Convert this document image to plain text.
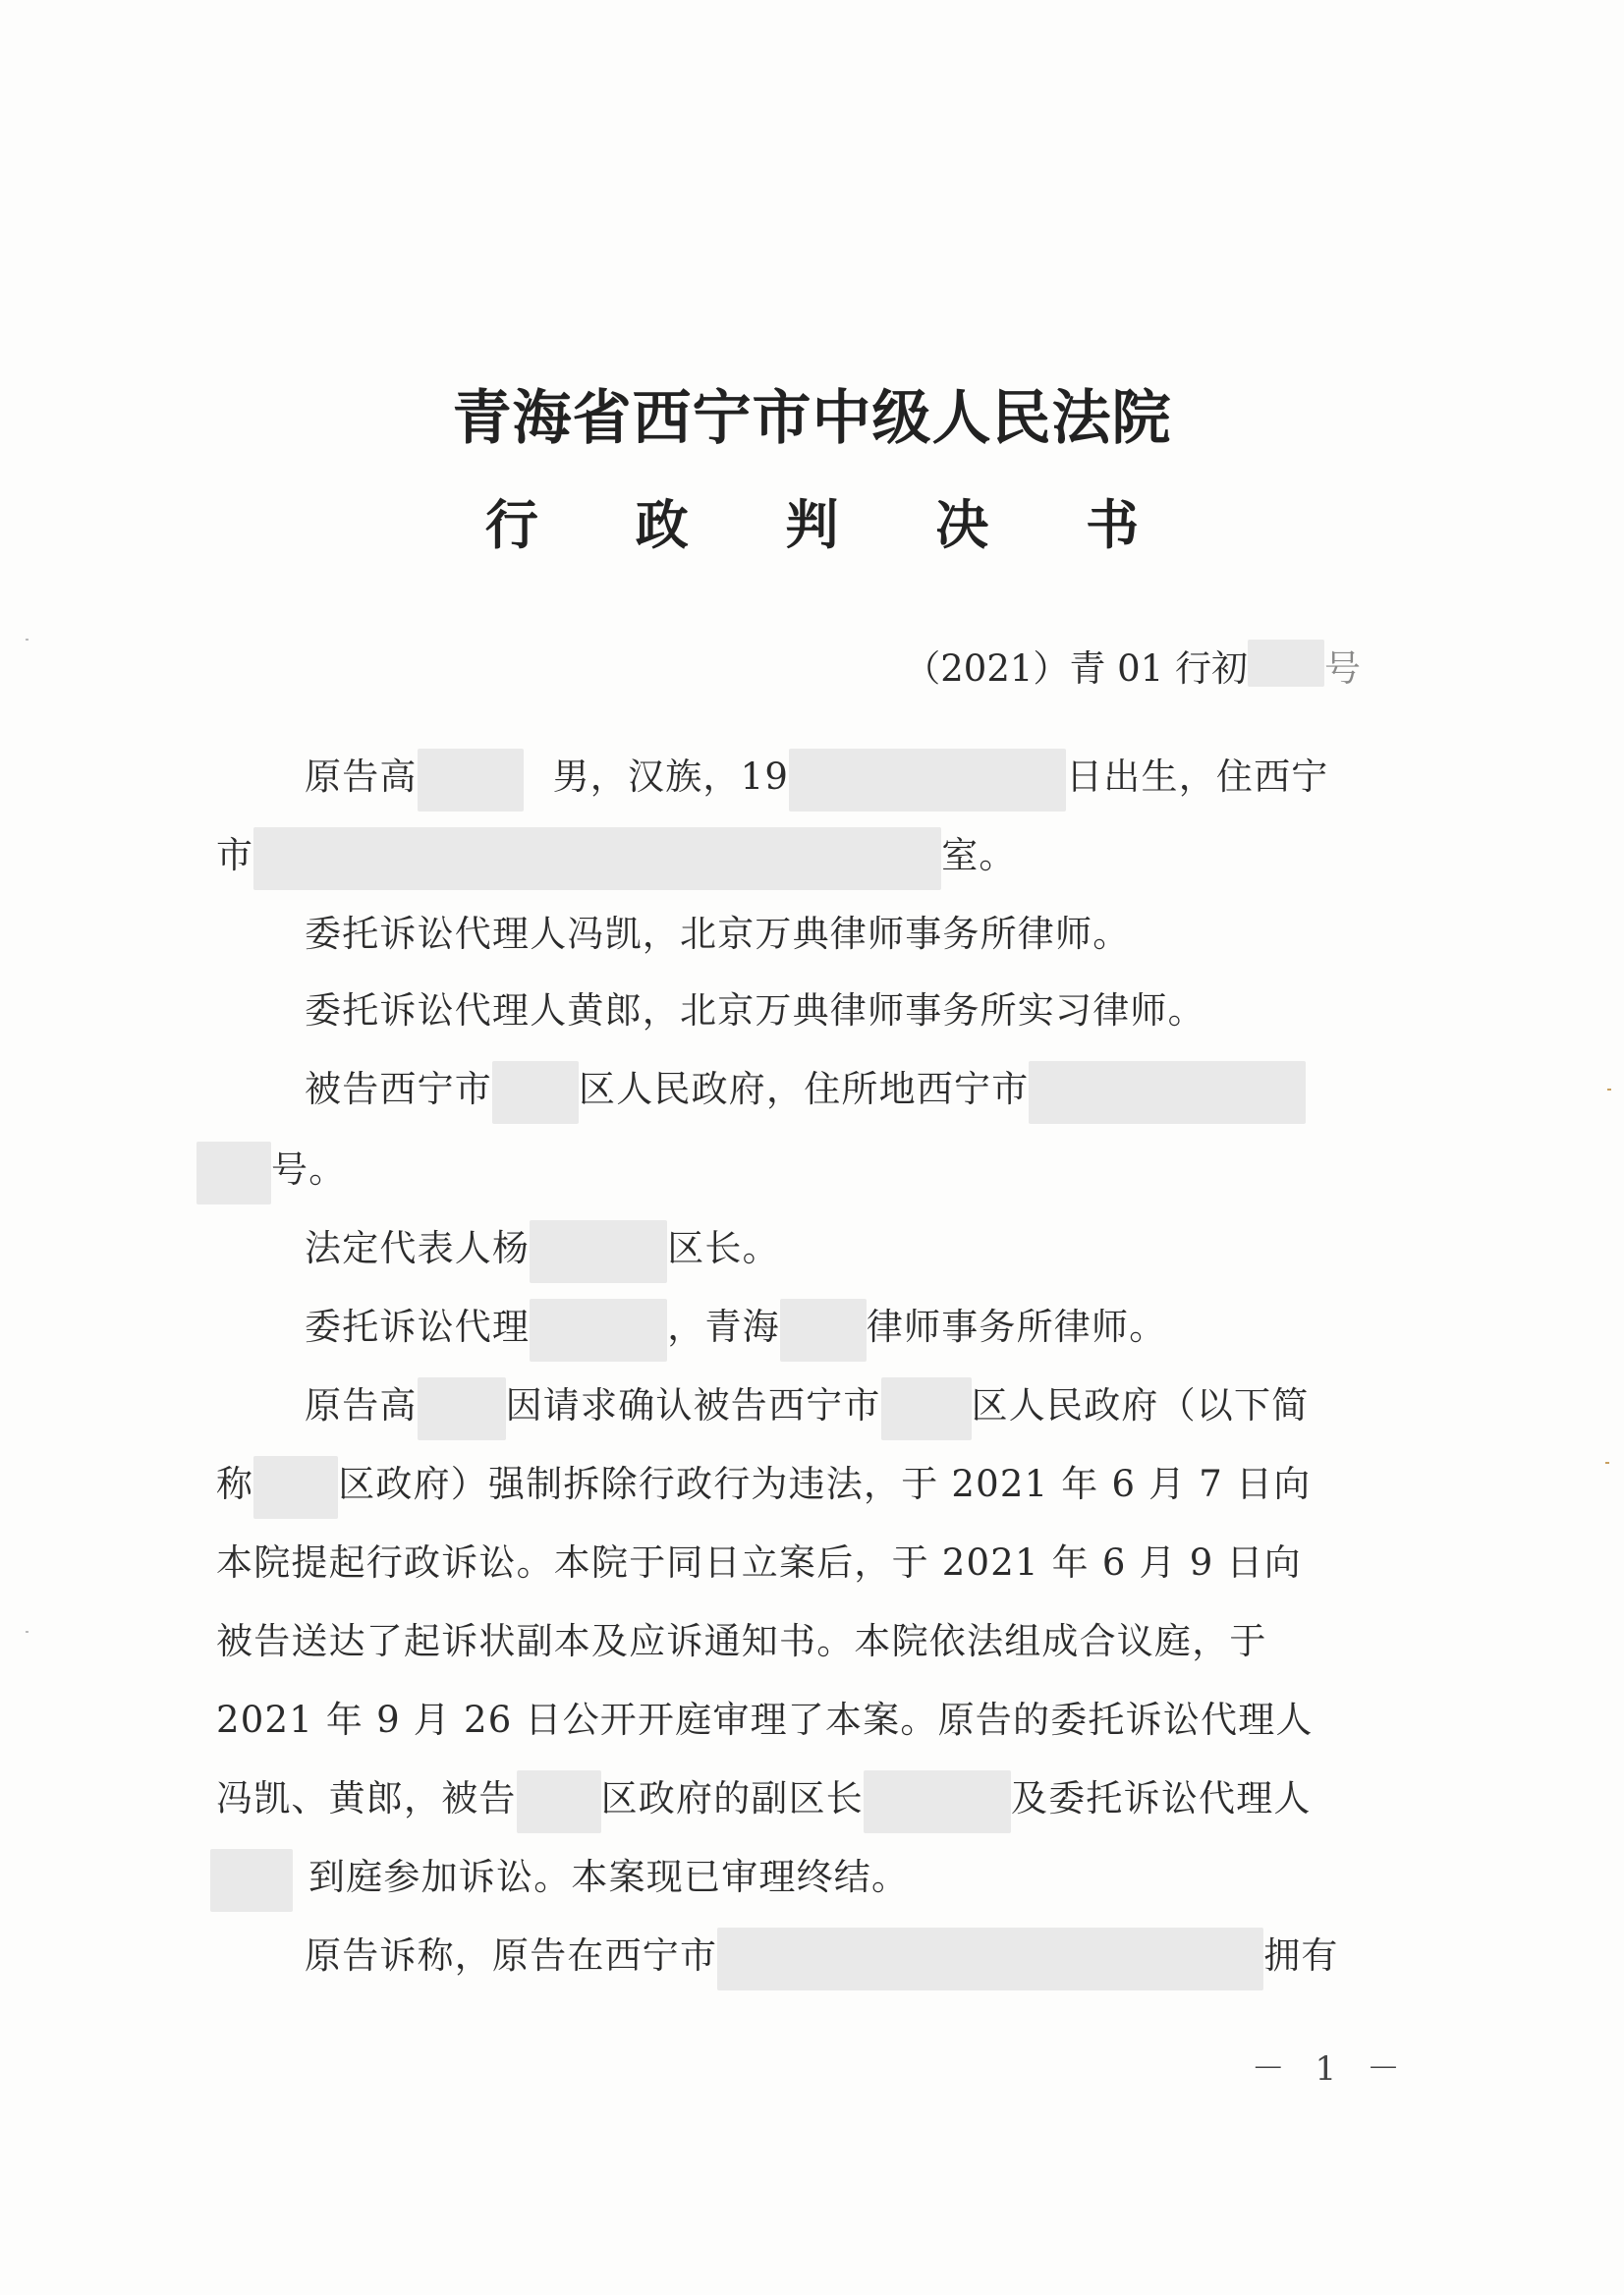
青海省西宁市中级人民法院
行 政 判 决 书
（2021）青 01 行初 号
原告高	男，汉族，19	日出生，住西宁
市	室。
委托诉讼代理人冯凯，北京万典律师事务所律师。
委托诉讼代理人黄郎，北京万典律师事务所实习律师。
被告西宁市 区人民政府，住所地西宁市
号。
法定代表人杨	区长。
委托诉讼代理	，青海 律师事务所律师。
原告高 因请求确认被告西宁市 区人民政府（以下简
称 区政府）强制拆除行政行为违法，于 2021 年 6 月 7 日向
本院提起行政诉讼。本院于同日立案后，于 2021 年 6 月 9 日向
被告送达了起诉状副本及应诉通知书。本院依法组成合议庭，于
2021 年 9 月 26 日公开开庭审理了本案。原告的委托诉讼代理人
冯凯、黄郎，被告 区政府的副区长	及委托诉讼代理人
到庭参加诉讼。本案现已审理终结。
原告诉称，原告在西宁市	拥有
－ 1 －
